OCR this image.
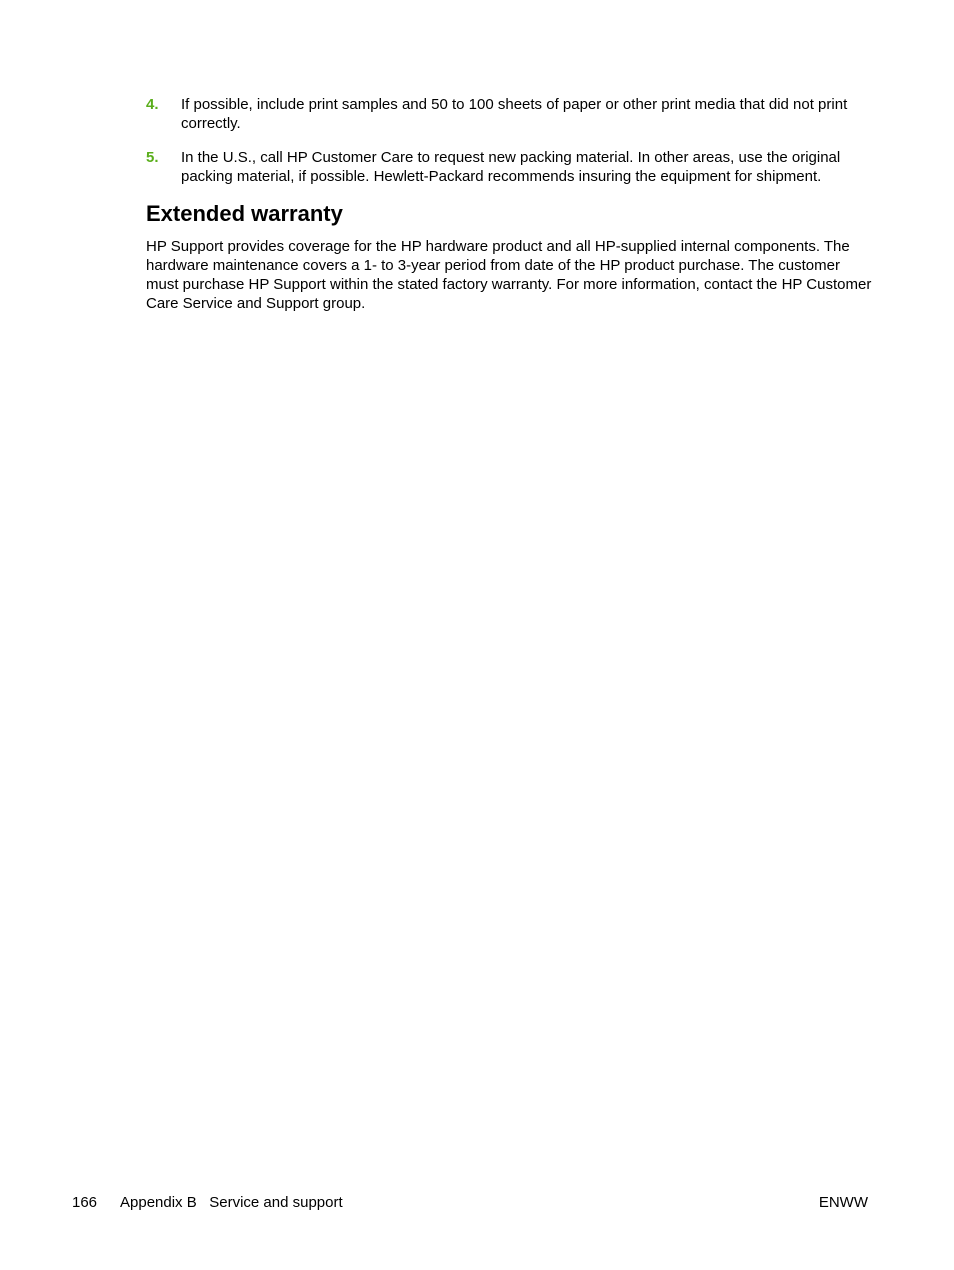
4.	If possible, include print samples and 50 to 100 sheets of paper or other print media that did not print correctly.
5.	In the U.S., call HP Customer Care to request new packing material. In other areas, use the original packing material, if possible. Hewlett-Packard recommends insuring the equipment for shipment.
Extended warranty

HP Support provides coverage for the HP hardware product and all HP-supplied internal components. The hardware maintenance covers a 1- to 3-year period from date of the HP product purchase. The customer must purchase HP Support within the stated factory warranty. For more information, contact the HP Customer Care Service and Support group.

166 Appendix B   Service and support	ENWW
